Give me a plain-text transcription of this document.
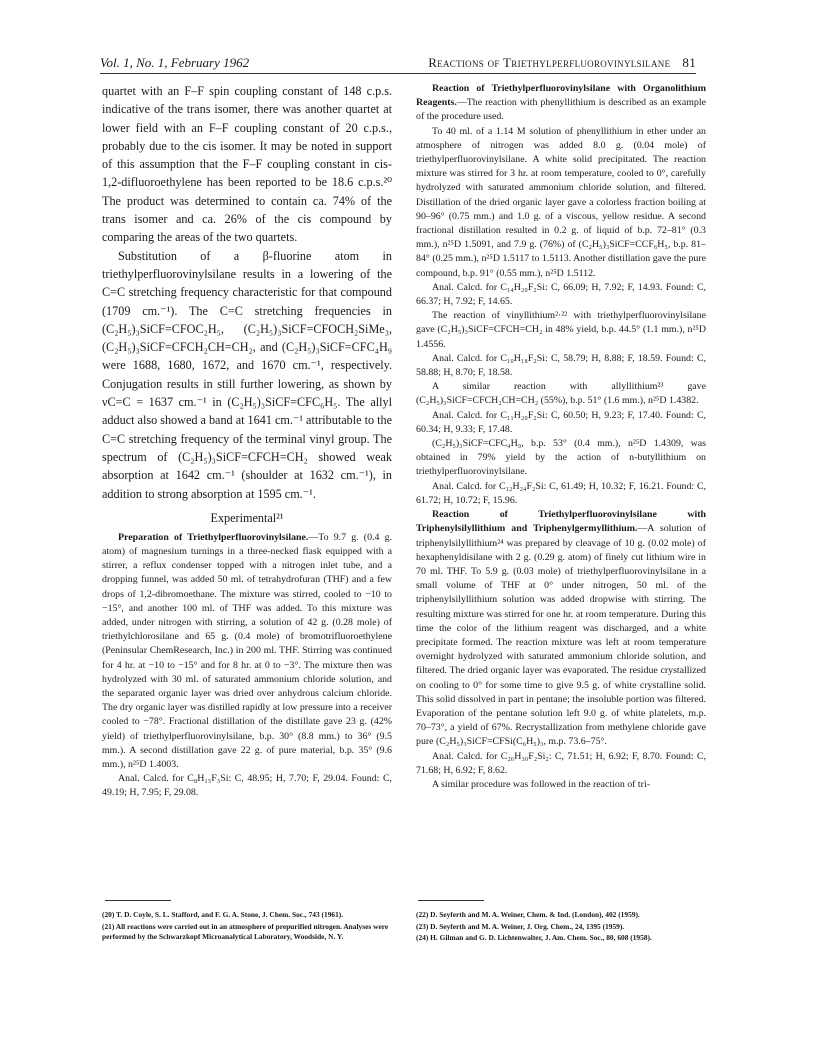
Vol. 1, No. 1, February 1962	Reactions of Triethylperfluorovinylsilane 81

quartet with an F–F spin coupling constant of 148 c.p.s. indicative of the trans isomer, there was another quartet at lower field with an F–F coupling constant of 20 c.p.s., probably due to the cis isomer. It may be noted in support of this assumption that the F–F coupling constant in cis-1,2-difluoroethylene has been reported to be 18.6 c.p.s.²⁰ The product was determined to contain ca. 74% of the trans isomer and ca. 26% of the cis compound by comparing the areas of the two quartets.

Substitution of a β-fluorine atom in triethylperfluorovinylsilane results in a lowering of the C=C stretching frequency characteristic for that compound (1709 cm.⁻¹). The C=C stretching frequencies in (C₂H₅)₃SiCF=CFOC₂H₅, (C₂H₅)₃SiCF=CFOCH₂SiMe₃, (C₂H₅)₃SiCF=CFCH₂CH=CH₂, and (C₂H₅)₃SiCF=CFC₄H₉ were 1688, 1680, 1672, and 1670 cm.⁻¹, respectively. Conjugation results in still further lowering, as shown by νC=C = 1637 cm.⁻¹ in (C₂H₅)₃SiCF=CFC₆H₅. The allyl adduct also showed a band at 1641 cm.⁻¹ attributable to the C=C stretching frequency of the terminal vinyl group. The spectrum of (C₂H₅)₃SiCF=CFCH=CH₂ showed weak absorption at 1642 cm.⁻¹ (shoulder at 1632 cm.⁻¹), in addition to strong absorption at 1595 cm.⁻¹.

Experimental²¹

Preparation of Triethylperfluorovinylsilane.—To 9.7 g. (0.4 g. atom) of magnesium turnings in a three-necked flask equipped with a stirrer, a reflux condenser topped with a nitrogen inlet tube, and a dropping funnel, was added 50 ml. of tetrahydrofuran (THF) and a few drops of 1,2-dibromoethane. The mixture was stirred, cooled to −10 to −15°, and another 100 ml. of THF was added. To this mixture was added, under nitrogen with stirring, a solution of 42 g. (0.28 mole) of triethylchlorosilane and 65 g. (0.4 mole) of bromotrifluoroethylene (Peninsular ChemResearch, Inc.) in 200 ml. THF. Stirring was continued for 4 hr. at −10 to −15° and for 8 hr. at 0 to −3°. The mixture then was hydrolyzed with 30 ml. of saturated ammonium chloride solution, and the separated organic layer was dried over anhydrous calcium chloride. The dry organic layer was distilled rapidly at low pressure into a receiver cooled to −78°. Fractional distillation of the distillate gave 23 g. (42% yield) of triethylperfluorovinylsilane, b.p. 30° (8.8 mm.) to 36° (9.5 mm.). A second distillation gave 22 g. of pure material, b.p. 35° (9.6 mm.), n²⁵D 1.4003.

Anal. Calcd. for C₈H₁₅F₃Si: C, 48.95; H, 7.70; F, 29.04. Found: C, 49.19; H, 7.95; F, 29.08.

Reaction of Triethylperfluorovinylsilane with Organolithium Reagents.—The reaction with phenyllithium is described as an example of the procedure used.

To 40 ml. of a 1.14 M solution of phenyllithium in ether under an atmosphere of nitrogen was added 8.0 g. (0.04 mole) of triethylperfluorovinylsilane. A white solid precipitated. The reaction mixture was stirred for 3 hr. at room temperature, cooled to 0°, carefully hydrolyzed with saturated ammonium chloride solution, and filtered. Distillation of the dried organic layer gave a colorless fraction boiling at 90–96° (0.75 mm.) and 1.0 g. of a viscous, yellow residue. A second fractional distillation resulted in 0.2 g. of liquid of b.p. 72–81° (0.3 mm.), n²⁵D 1.5091, and 7.9 g. (76%) of (C₂H₅)₃SiCF=CCF₆H₅, b.p. 81–84° (0.25 mm.), n²⁵D 1.5117 to 1.5113. Another distillation gave the pure compound, b.p. 91° (0.55 mm.), n²⁵D 1.5112.

Anal. Calcd. for C₁₄H₂₀F₂Si: C, 66.09; H, 7.92; F, 14.93. Found: C, 66.37; H, 7.92; F, 14.65.

The reaction of vinyllithium²·²² with triethylperfluorovinylsilane gave (C₂H₅)₃SiCF=CFCH=CH₂ in 48% yield, b.p. 44.5° (1.1 mm.), n²⁵D 1.4556.

Anal. Calcd. for C₁₀H₁₈F₂Si: C, 58.79; H, 8.88; F, 18.59. Found: C, 58.88; H, 8.70; F, 18.58.

A similar reaction with allyllithium²³ gave (C₂H₅)₃SiCF=CFCH₂CH=CH₂ (55%), b.p. 51° (1.6 mm.), n²⁵D 1.4382.

Anal. Calcd. for C₁₁H₂₀F₂Si: C, 60.50; H, 9.23; F, 17.40. Found: C, 60.34; H, 9.33; F, 17.48.

(C₂H₅)₃SiCF=CFC₄H₉, b.p. 53° (0.4 mm.), n²⁵D 1.4309, was obtained in 79% yield by the action of n-butyllithium on triethylperfluorovinylsilane.

Anal. Calcd. for C₁₂H₂₄F₂Si: C, 61.49; H, 10.32; F, 16.21. Found: C, 61.72; H, 10.72; F, 15.96.

Reaction of Triethylperfluorovinylsilane with Triphenylsilyllithium and Triphenylgermyllithium.—A solution of triphenylsilyllithium²⁴ was prepared by cleavage of 10 g. (0.02 mole) of hexaphenyldisilane with 2 g. (0.29 g. atom) of finely cut lithium wire in 70 ml. THF. To 5.9 g. (0.03 mole) of triethylperfluorovinylsilane in a small volume of THF at 0° under nitrogen, 50 ml. of the triphenylsilyllithium solution was added dropwise with stirring. The resulting mixture was stirred for one hr. at room temperature. During this time the color of the lithium reagent was discharged, and a white precipitate formed. The reaction mixture was left at room temperature overnight hydrolyzed with saturated ammonium chloride solution, and filtered. The dried organic layer was evaporated. The residue crystallized on cooling to 0° for some time to give 9.5 g. of white crystalline solid. This solid dissolved in part in pentane; the insoluble portion was filtered. Evaporation of the pentane solution left 9.0 g. of white platelets, m.p. 70–73°, a yield of 67%. Recrystallization from methylene chloride gave pure (C₂H₅)₃SiCF=CFSi(C₆H₅)₃, m.p. 73.6–75°.

Anal. Calcd. for C₂₆H₃₀F₂Si₂: C, 71.51; H, 6.92; F, 8.70. Found: C, 71.68; H, 6.92; F, 8.62.

A similar procedure was followed in the reaction of tri-

(20) T. D. Coyle, S. L. Stafford, and F. G. A. Stone, J. Chem. Soc., 743 (1961).

(21) All reactions were carried out in an atmosphere of prepurified nitrogen. Analyses were performed by the Schwarzkopf Microanalytical Laboratory, Woodside, N. Y.

(22) D. Seyferth and M. A. Weiner, Chem. & Ind. (London), 402 (1959).

(23) D. Seyferth and M. A. Weiner, J. Org. Chem., 24, 1395 (1959).

(24) H. Gilman and G. D. Lichtenwalter, J. Am. Chem. Soc., 80, 608 (1958).
